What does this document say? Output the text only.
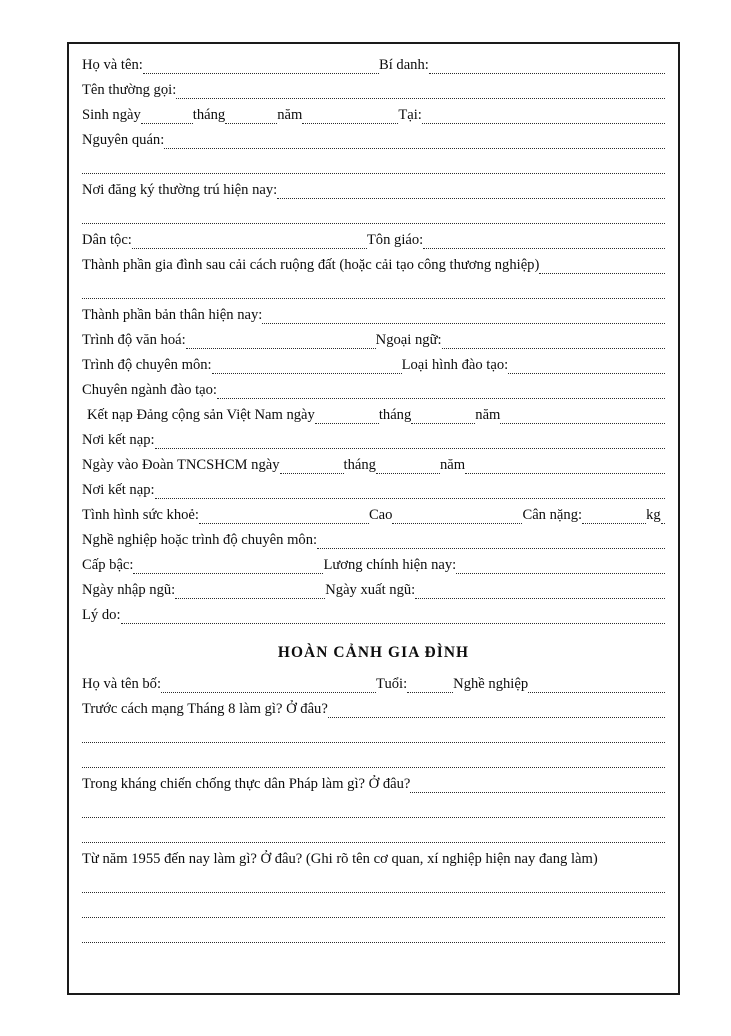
Họ và tên:	Bí danh:
Tên thường gọi:
Sinh ngày	tháng	năm	Tại:
Nguyên quán:
Nơi đăng ký thường trú hiện nay:
Dân tộc:	Tôn giáo:
Thành phần gia đình sau cải cách ruộng đất (hoặc cải tạo công thương nghiệp)
Thành phần bản thân hiện nay:
Trình độ văn hoá:	Ngoại ngữ:
Trình độ chuyên môn:	Loại hình đào tạo:
Chuyên ngành đào tạo:
Kết nạp Đảng cộng sản Việt Nam ngày	tháng	năm
Nơi kết nạp:
Ngày vào Đoàn TNCSHCM ngày	tháng	năm
Nơi kết nạp:
Tình hình sức khoẻ:	Cao	Cân nặng:	kg
Nghề nghiệp hoặc trình độ chuyên môn:
Cấp bậc:	Lương chính hiện nay:
Ngày nhập ngũ:	Ngày xuất ngũ:
Lý do:
HOÀN CẢNH GIA ĐÌNH
Họ và tên bố:	Tuổi:	Nghề nghiệp
Trước cách mạng Tháng 8 làm gì? Ở đâu?
Trong kháng chiến chống thực dân Pháp làm gì? Ở đâu?
Từ năm 1955 đến nay làm gì? Ở đâu? (Ghi rõ tên cơ quan, xí nghiệp hiện nay đang làm)
